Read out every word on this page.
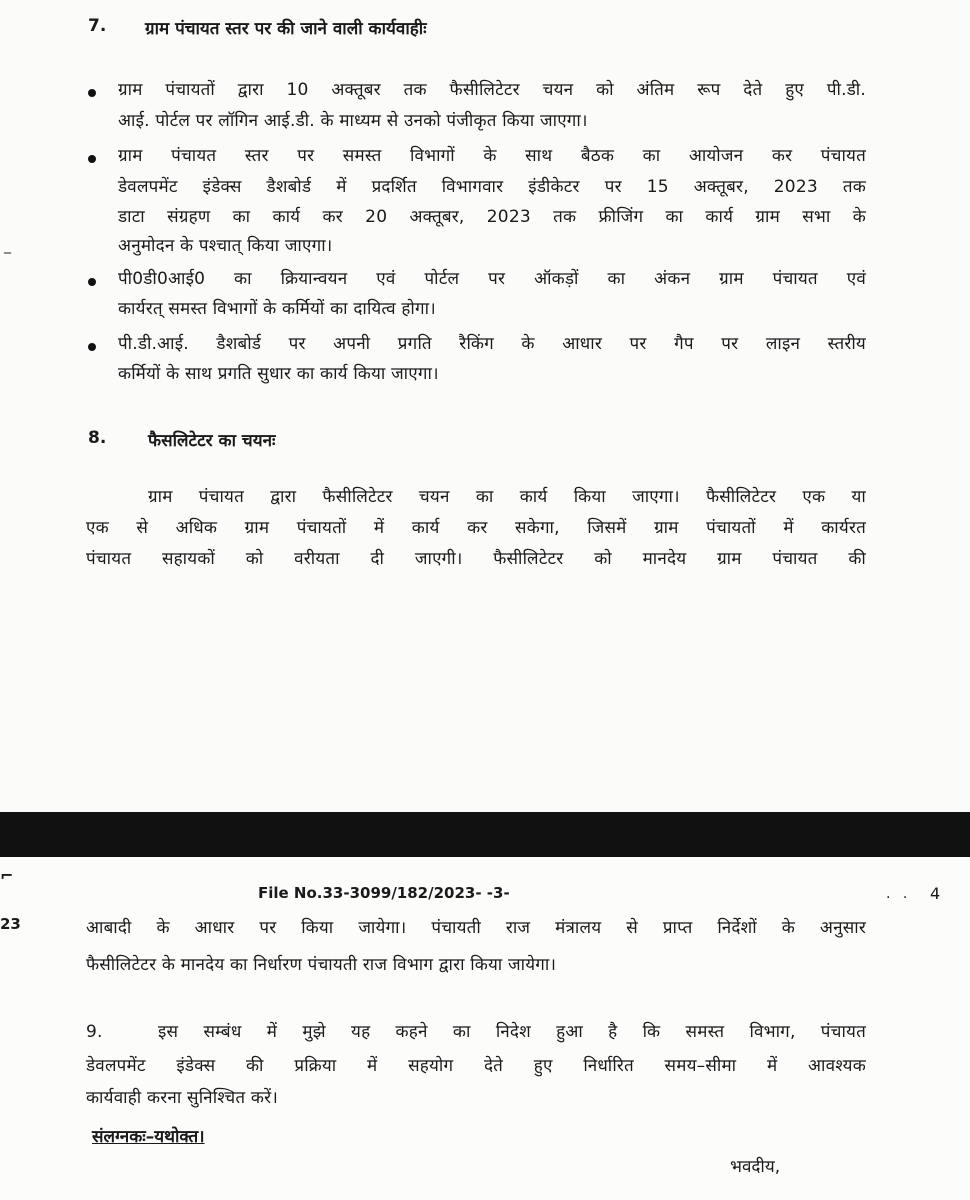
7. ग्राम पंचायत स्तर पर की जाने वाली कार्यवाहीः
ग्राम पंचायतों द्वारा 10 अक्तूबर तक फैसीलिटेटर चयन को अंतिम रूप देते हुए पी.डी.
आई. पोर्टल पर लॉगिन आई.डी. के माध्यम से उनको पंजीकृत किया जाएगा।
ग्राम पंचायत स्तर पर समस्त विभागों के साथ बैठक का आयोजन कर पंचायत
डेवलपमेंट इंडेक्स डैशबोर्ड में प्रदर्शित विभागवार इंडीकेटर पर 15 अक्तूबर, 2023 तक
डाटा संग्रहण का कार्य कर 20 अक्तूबर, 2023 तक फ्रीजिंग का कार्य ग्राम सभा के
अनुमोदन के पश्चात् किया जाएगा।
_
पी0डी0आई0 का क्रियान्वयन एवं पोर्टल पर ऑकड़ों का अंकन ग्राम पंचायत एवं
कार्यरत् समस्त विभागों के कर्मियों का दायित्व होगा।
पी.डी.आई. डैशबोर्ड पर अपनी प्रगति रैकिंग के आधार पर गैप पर लाइन स्तरीय
कर्मियों के साथ प्रगति सुधार का कार्य किया जाएगा।
8. फैसलिटेटर का चयनः
ग्राम पंचायत द्वारा फैसीलिटेटर चयन का कार्य किया जाएगा। फैसीलिटेटर एक या
एक से अधिक ग्राम पंचायतों में कार्य कर सकेगा, जिसमें ग्राम पंचायतों में कार्यरत
पंचायत सहायकों को वरीयता दी जाएगी। फैसीलिटेटर को मानदेय ग्राम पंचायत की
⌐
File No.33-3099/182/2023- -3-	. . 4
23	आबादी के आधार पर किया जायेगा। पंचायती राज मंत्रालय से प्राप्त निर्देशों के अनुसार
फैसीलिटेटर के मानदेय का निर्धारण पंचायती राज विभाग द्वारा किया जायेगा।
9.	इस सम्बंध में मुझे यह कहने का निदेश हुआ है कि समस्त विभाग, पंचायत
डेवलपमेंट इंडेक्स की प्रक्रिया में सहयोग देते हुए निर्धारित समय–सीमा में आवश्यक
कार्यवाही करना सुनिश्चित करें।
संलग्नकः–यथोक्त।
भवदीय,
